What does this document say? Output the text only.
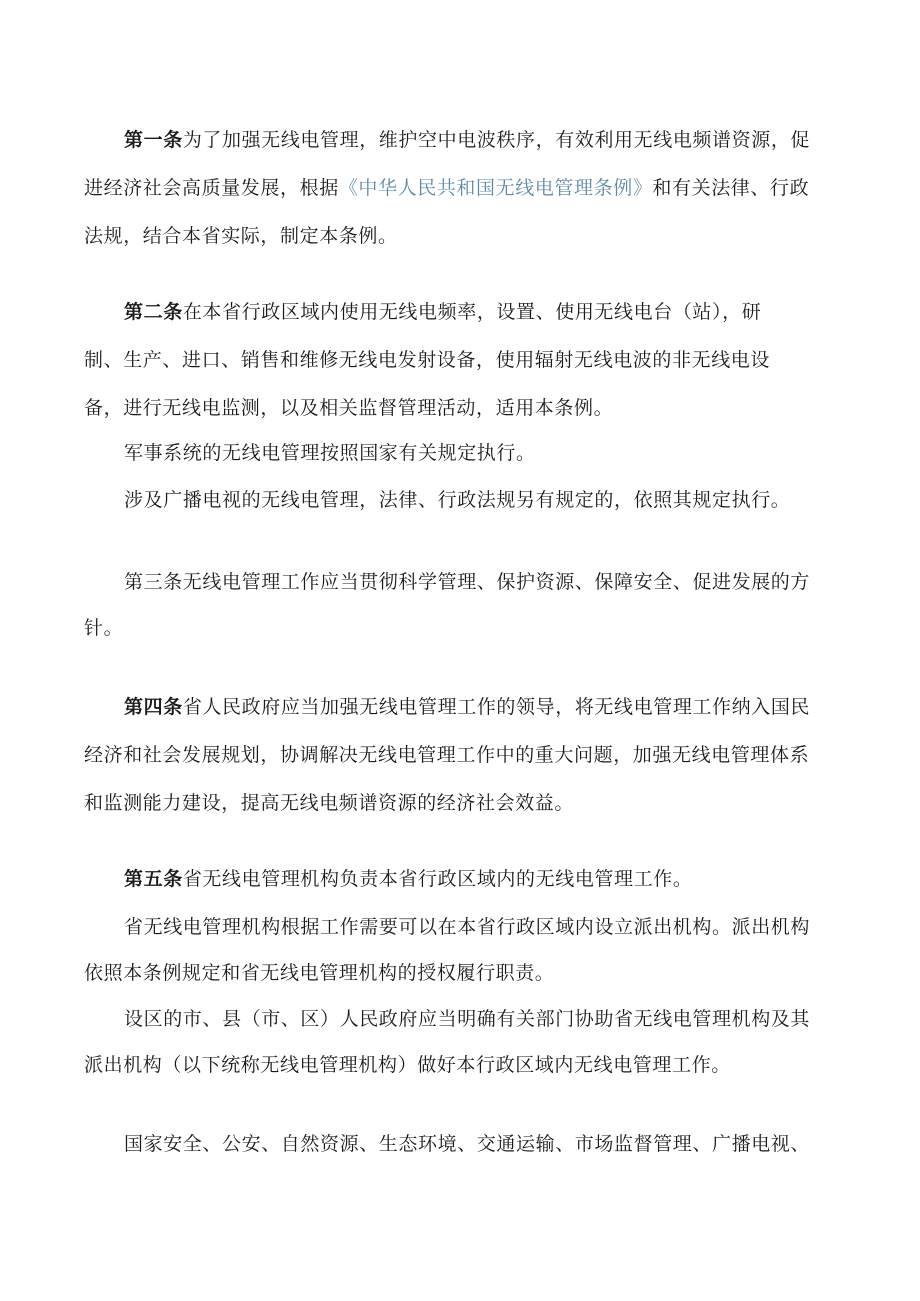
第一条为了加强无线电管理，维护空中电波秩序，有效利用无线电频谱资源，促
进经济社会高质量发展，根据《中华人民共和国无线电管理条例》和有关法律、行政
法规，结合本省实际，制定本条例。
第二条在本省行政区域内使用无线电频率，设置、使用无线电台（站），研
制、生产、进口、销售和维修无线电发射设备，使用辐射无线电波的非无线电设
备，进行无线电监测，以及相关监督管理活动，适用本条例。
军事系统的无线电管理按照国家有关规定执行。
涉及广播电视的无线电管理，法律、行政法规另有规定的，依照其规定执行。
第三条无线电管理工作应当贯彻科学管理、保护资源、保障安全、促进发展的方
针。
第四条省人民政府应当加强无线电管理工作的领导，将无线电管理工作纳入国民
经济和社会发展规划，协调解决无线电管理工作中的重大问题，加强无线电管理体系
和监测能力建设，提高无线电频谱资源的经济社会效益。
第五条省无线电管理机构负责本省行政区域内的无线电管理工作。
省无线电管理机构根据工作需要可以在本省行政区域内设立派出机构。派出机构
依照本条例规定和省无线电管理机构的授权履行职责。
设区的市、县（市、区）人民政府应当明确有关部门协助省无线电管理机构及其
派出机构（以下统称无线电管理机构）做好本行政区域内无线电管理工作。
国家安全、公安、自然资源、生态环境、交通运输、市场监督管理、广播电视、
